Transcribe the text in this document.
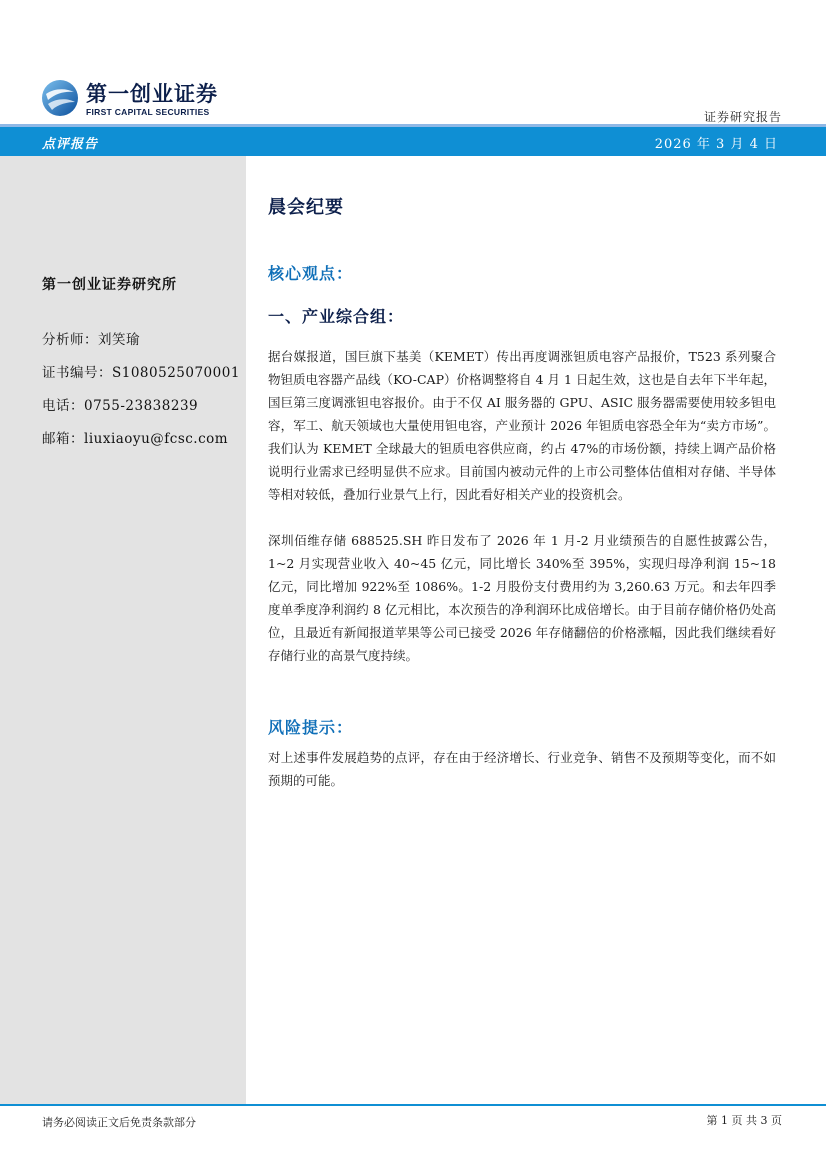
第一创业证券
FIRST CAPITAL SECURITIES	证券研究报告
点评报告	2026 年 3 月 4 日
第一创业证券研究所
分析师：刘笑瑜
证书编号：S1080525070001
电话：0755-23838239
邮箱：liuxiaoyu@fcsc.com
晨会纪要
核心观点：
一、产业综合组：
据台媒报道，国巨旗下基美（KEMET）传出再度调涨钽质电容产品报价，T523 系列聚合物钽质电容器产品线（KO-CAP）价格调整将自 4 月 1 日起生效，这也是自去年下半年起，国巨第三度调涨钽电容报价。由于不仅 AI 服务器的 GPU、ASIC 服务器需要使用较多钽电容，军工、航天领域也大量使用钽电容，产业预计 2026 年钽质电容恐全年为“卖方市场”。我们认为 KEMET 全球最大的钽质电容供应商，约占 47%的市场份额，持续上调产品价格说明行业需求已经明显供不应求。目前国内被动元件的上市公司整体估值相对存储、半导体等相对较低，叠加行业景气上行，因此看好相关产业的投资机会。
深圳佰维存储 688525.SH 昨日发布了 2026 年 1 月-2 月业绩预告的自愿性披露公告，1~2 月实现营业收入 40~45 亿元，同比增长 340%至 395%，实现归母净利润 15~18 亿元，同比增加 922%至 1086%。1-2 月股份支付费用约为 3,260.63 万元。和去年四季度单季度净利润约 8 亿元相比，本次预告的净利润环比成倍增长。由于目前存储价格仍处高位，且最近有新闻报道苹果等公司已接受 2026 年存储翻倍的价格涨幅，因此我们继续看好存储行业的高景气度持续。
风险提示：
对上述事件发展趋势的点评，存在由于经济增长、行业竞争、销售不及预期等变化，而不如预期的可能。
请务必阅读正文后免责条款部分	第 1 页 共 3 页
